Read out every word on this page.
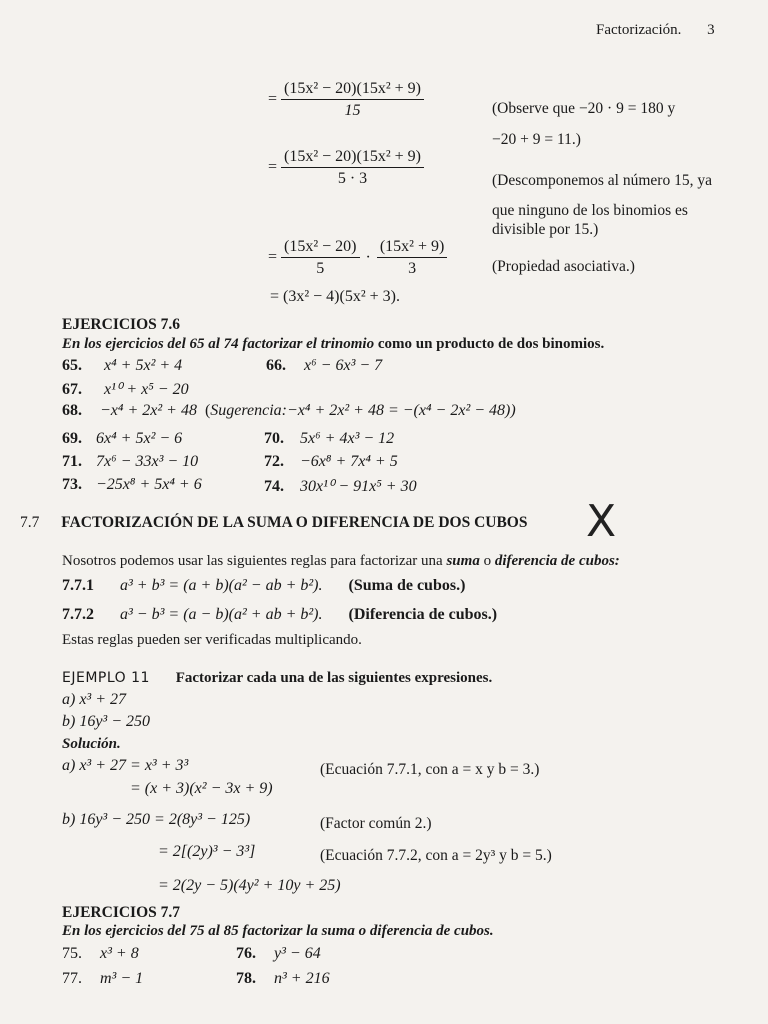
Factorización. 3
= $\frac{\text{(15x² − 20)(15x² + 9)}}{15}$	(Observe que −20 · 9 = 180 y
−20 + 9 = 11.)
= $\frac{\text{(15x² − 20)(15x² + 9)}}{5 \cdot 3}$	(Descomponemos al número 15, ya
que ninguno de los binomios es
divisible por 15.)
= $\frac{\text{(15x² − 20)}}{5} \cdot \frac{\text{(15x² + 9)}}{3}$	(Propiedad asociativa.)
= (3x² − 4)(5x² + 3).
EJERCICIOS 7.6
En los ejercicios del 65 al 74 factorizar el trinomio como un producto de dos binomios.
65. x⁴ + 5x² + 4	66. x⁶ − 6x³ − 7
67. x¹⁰ + x⁵ − 20
68. −x⁴ + 2x² + 48 (Sugerencia:−x⁴ + 2x² + 48 = −(x⁴ − 2x² − 48))
69. 6x⁴ + 5x² − 6	70. 5x⁶ + 4x³ − 12
71. 7x⁶ − 33x³ − 10	72. −6x⁸ + 7x⁴ + 5
73. −25x⁸ + 5x⁴ + 6	74. 30x¹⁰ − 91x⁵ + 30
7.7 FACTORIZACIÓN DE LA SUMA O DIFERENCIA DE DOS CUBOS X
Nosotros podemos usar las siguientes reglas para factorizar una suma o diferencia de cubos:
7.7.1 a³ + b³ = (a + b)(a² − ab + b²). (Suma de cubos.)
7.7.2 a³ − b³ = (a − b)(a² + ab + b²). (Diferencia de cubos.)
Estas reglas pueden ser verificadas multiplicando.
EJEMPLO 11 Factorizar cada una de las siguientes expresiones.
a) x³ + 27
b) 16y³ − 250
Solución.
a) x³ + 27 = x³ + 3³	(Ecuación 7.7.1, con a = x y b = 3.)
= (x + 3)(x² − 3x + 9)
b) 16y³ − 250 = 2(8y³ − 125)	(Factor común 2.)
= 2[(2y)³ − 3³]	(Ecuación 7.7.2, con a = 2y³ y b = 5.)
= 2(2y − 5)(4y² + 10y + 25)
EJERCICIOS 7.7
En los ejercicios del 75 al 85 factorizar la suma o diferencia de cubos.
75. x³ + 8	76. y³ − 64
77. m³ − 1	78. n³ + 216
